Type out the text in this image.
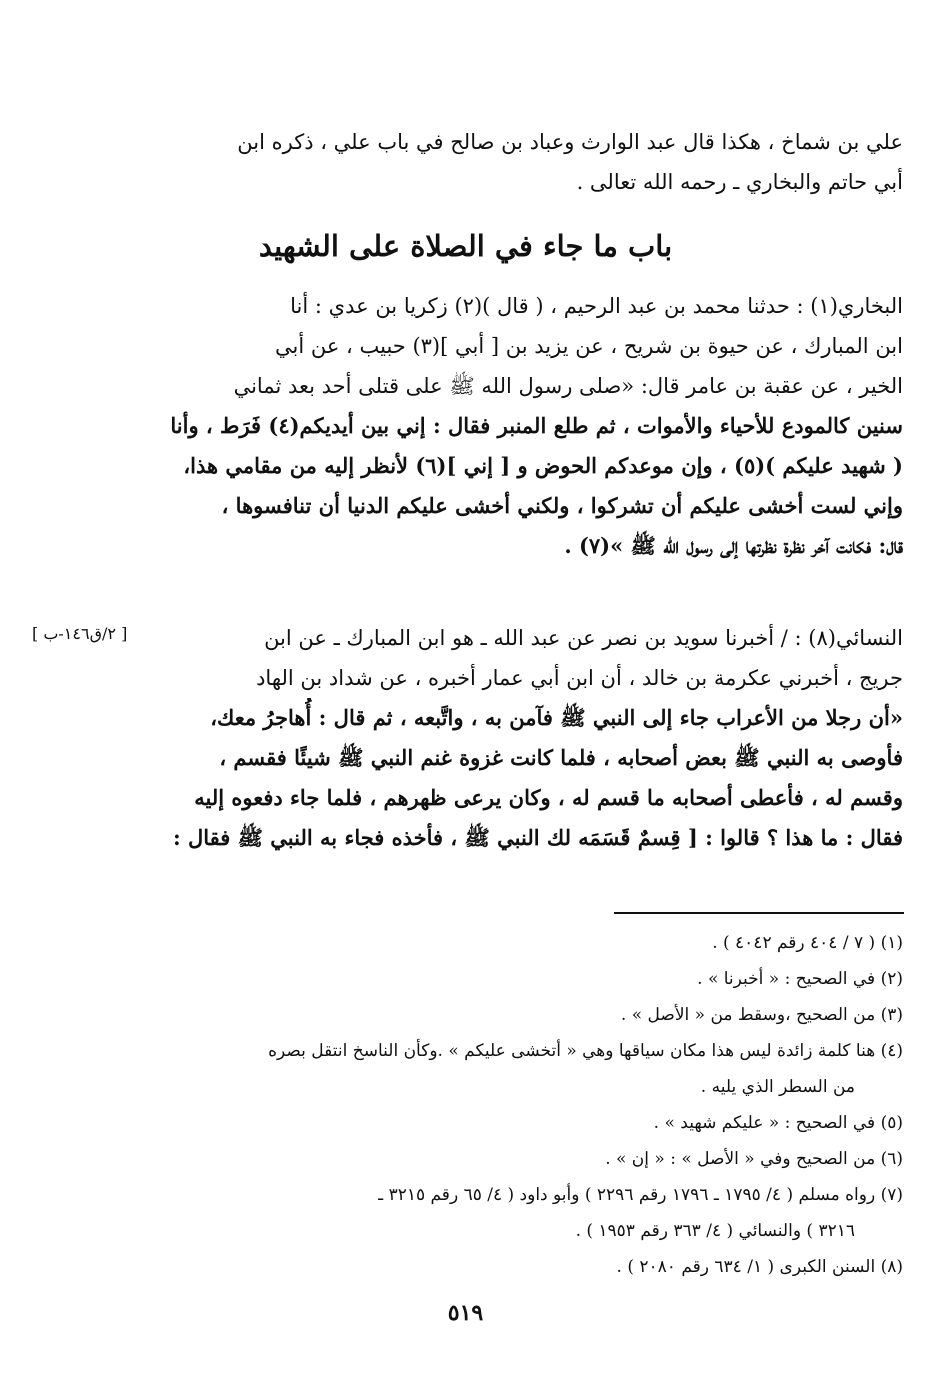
علي بن شماخ ، هكذا قال عبد الوارث وعباد بن صالح في باب علي ، ذكره ابن
أبي حاتم والبخاري ـ رحمه الله تعالى .
باب ما جاء في الصلاة على الشهيد
البخاري(١) : حدثنا محمد بن عبد الرحيم ، ( قال )(٢) زكريا بن عدي : أنا
ابن المبارك ، عن حيوة بن شريح ، عن يزيد بن [ أبي ](٣) حبيب ، عن أبي
الخير ، عن عقبة بن عامر قال: «صلى رسول الله ﷺ على قتلى أحد بعد ثماني
سنين كالمودع للأحياء والأموات ، ثم طلع المنبر فقال : إني بين أيديكم(٤) فَرَط ، وأنا
( شهيد عليكم )(٥) ، وإن موعدكم الحوض و [ إني ](٦) لأنظر إليه من مقامي هذا،
وإني لست أخشى عليكم أن تشركوا ، ولكني أخشى عليكم الدنيا أن تنافسوها ،
قال: فكانت آخر نظرة نظرتها إلى رسول الله ﷺ »(٧) .
[ ٢/ق١٤٦-ب ]	النسائي(٨) : / أخبرنا سويد بن نصر عن عبد الله ـ هو ابن المبارك ـ عن ابن
جريج ، أخبرني عكرمة بن خالد ، أن ابن أبي عمار أخبره ، عن شداد بن الهاد
«أن رجلا من الأعراب جاء إلى النبي ﷺ فآمن به ، واتَّبعه ، ثم قال : أُهاجرُ معك،
فأوصى به النبي ﷺ بعض أصحابه ، فلما كانت غزوة غنم النبي ﷺ شيئًا فقسم ،
وقسم له ، فأعطى أصحابه ما قسم له ، وكان يرعى ظهرهم ، فلما جاء دفعوه إليه
فقال : ما هذا ؟ قالوا : [ قِسمٌ قَسَمَه لك النبي ﷺ ، فأخذه فجاء به النبي ﷺ فقال :
(١) ( ٧ / ٤٠٤ رقم ٤٠٤٢ ) .
(٢) في الصحيح : « أخبرنا » .
(٣) من الصحيح ،وسقط من « الأصل » .
(٤) هنا كلمة زائدة ليس هذا مكان سياقها وهي « أتخشى عليكم » .وكأن الناسخ انتقل بصره
من السطر الذي يليه .
(٥) في الصحيح : « عليكم شهيد » .
(٦) من الصحيح وفي « الأصل » : « إن » .
(٧) رواه مسلم ( ٤/ ١٧٩٥ ـ ١٧٩٦ رقم ٢٢٩٦ ) وأبو داود ( ٤/ ٦٥ رقم ٣٢١٥ ـ
٣٢١٦ ) والنسائي ( ٤/ ٣٦٣ رقم ١٩٥٣ ) .
(٨) السنن الكبرى ( ١/ ٦٣٤ رقم ٢٠٨٠ ) .
٥١٩
